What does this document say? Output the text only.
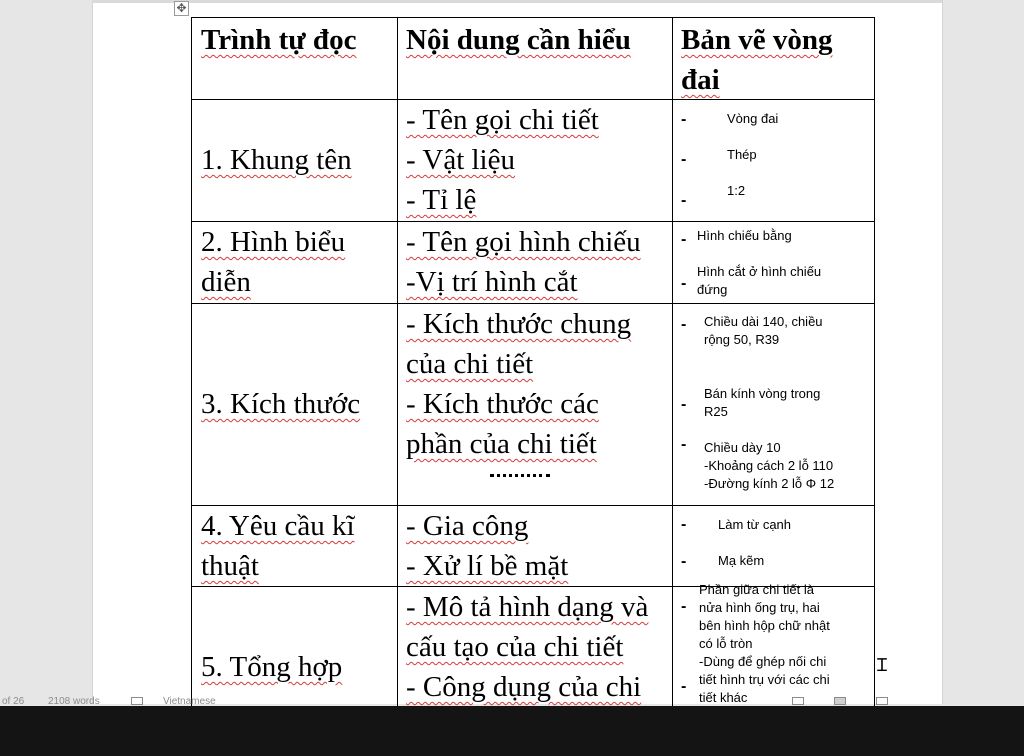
✥
Trình tự đọc Nội dung cần hiểu Bản vẽ vòng
đai
1. Khung tên
- Tên gọi chi tiết
- Vật liệu
- Tỉ lệ
-
-
-
Vòng đai
Thép
1:2
2. Hình biểu
diễn
- Tên gọi hình chiếu
-Vị trí hình cắt
-
-
Hình chiếu bằng
Hình cắt ở hình chiếu
đứng
3. Kích thước
- Kích thước chung
của chi tiết
- Kích thước các
phần của chi tiết
-
-
-
Chiều dài 140, chiều
rộng 50, R39
Bán kính vòng trong
R25
Chiều dày 10
-Khoảng cách 2 lỗ 110
-Đường kính 2 lỗ Φ 12
4. Yêu cầu kĩ
thuật
- Gia công
- Xử lí bề mặt
-
-
Làm từ cạnh
Mạ kẽm
5. Tổng hợp
- Mô tả hình dạng và
cấu tạo của chi tiết
- Công dụng của chi
-
-
Phần giữa chi tiết là
nửa hình ống trụ, hai
bên hình hộp chữ nhật
có lỗ tròn
-Dùng để ghép nối chi
tiết hình trụ với các chi
tiết khác
Ɪ
of 26 2108 words	Vietnamese
